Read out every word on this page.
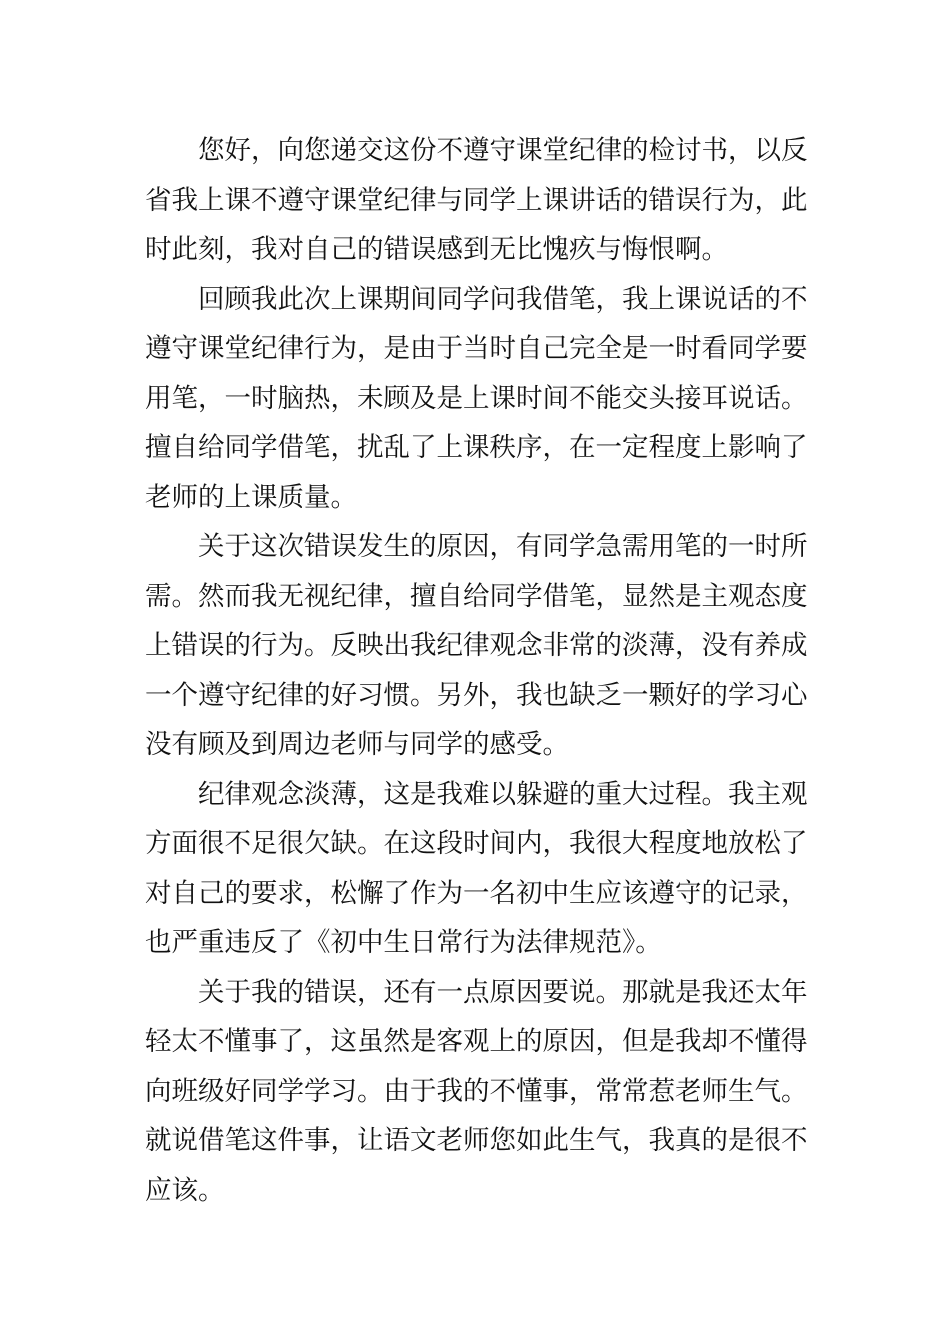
您好，向您递交这份不遵守课堂纪律的检讨书，以反
省我上课不遵守课堂纪律与同学上课讲话的错误行为，此
时此刻，我对自己的错误感到无比愧疚与悔恨啊。
回顾我此次上课期间同学问我借笔，我上课说话的不
遵守课堂纪律行为，是由于当时自己完全是一时看同学要
用笔，一时脑热，未顾及是上课时间不能交头接耳说话。
擅自给同学借笔，扰乱了上课秩序，在一定程度上影响了
老师的上课质量。
关于这次错误发生的原因，有同学急需用笔的一时所
需。然而我无视纪律，擅自给同学借笔，显然是主观态度
上错误的行为。反映出我纪律观念非常的淡薄，没有养成
一个遵守纪律的好习惯。另外，我也缺乏一颗好的学习心
没有顾及到周边老师与同学的感受。
纪律观念淡薄，这是我难以躲避的重大过程。我主观
方面很不足很欠缺。在这段时间内，我很大程度地放松了
对自己的要求，松懈了作为一名初中生应该遵守的记录，
也严重违反了《初中生日常行为法律规范》。
关于我的错误，还有一点原因要说。那就是我还太年
轻太不懂事了，这虽然是客观上的原因，但是我却不懂得
向班级好同学学习。由于我的不懂事，常常惹老师生气。
就说借笔这件事，让语文老师您如此生气，我真的是很不
应该。
